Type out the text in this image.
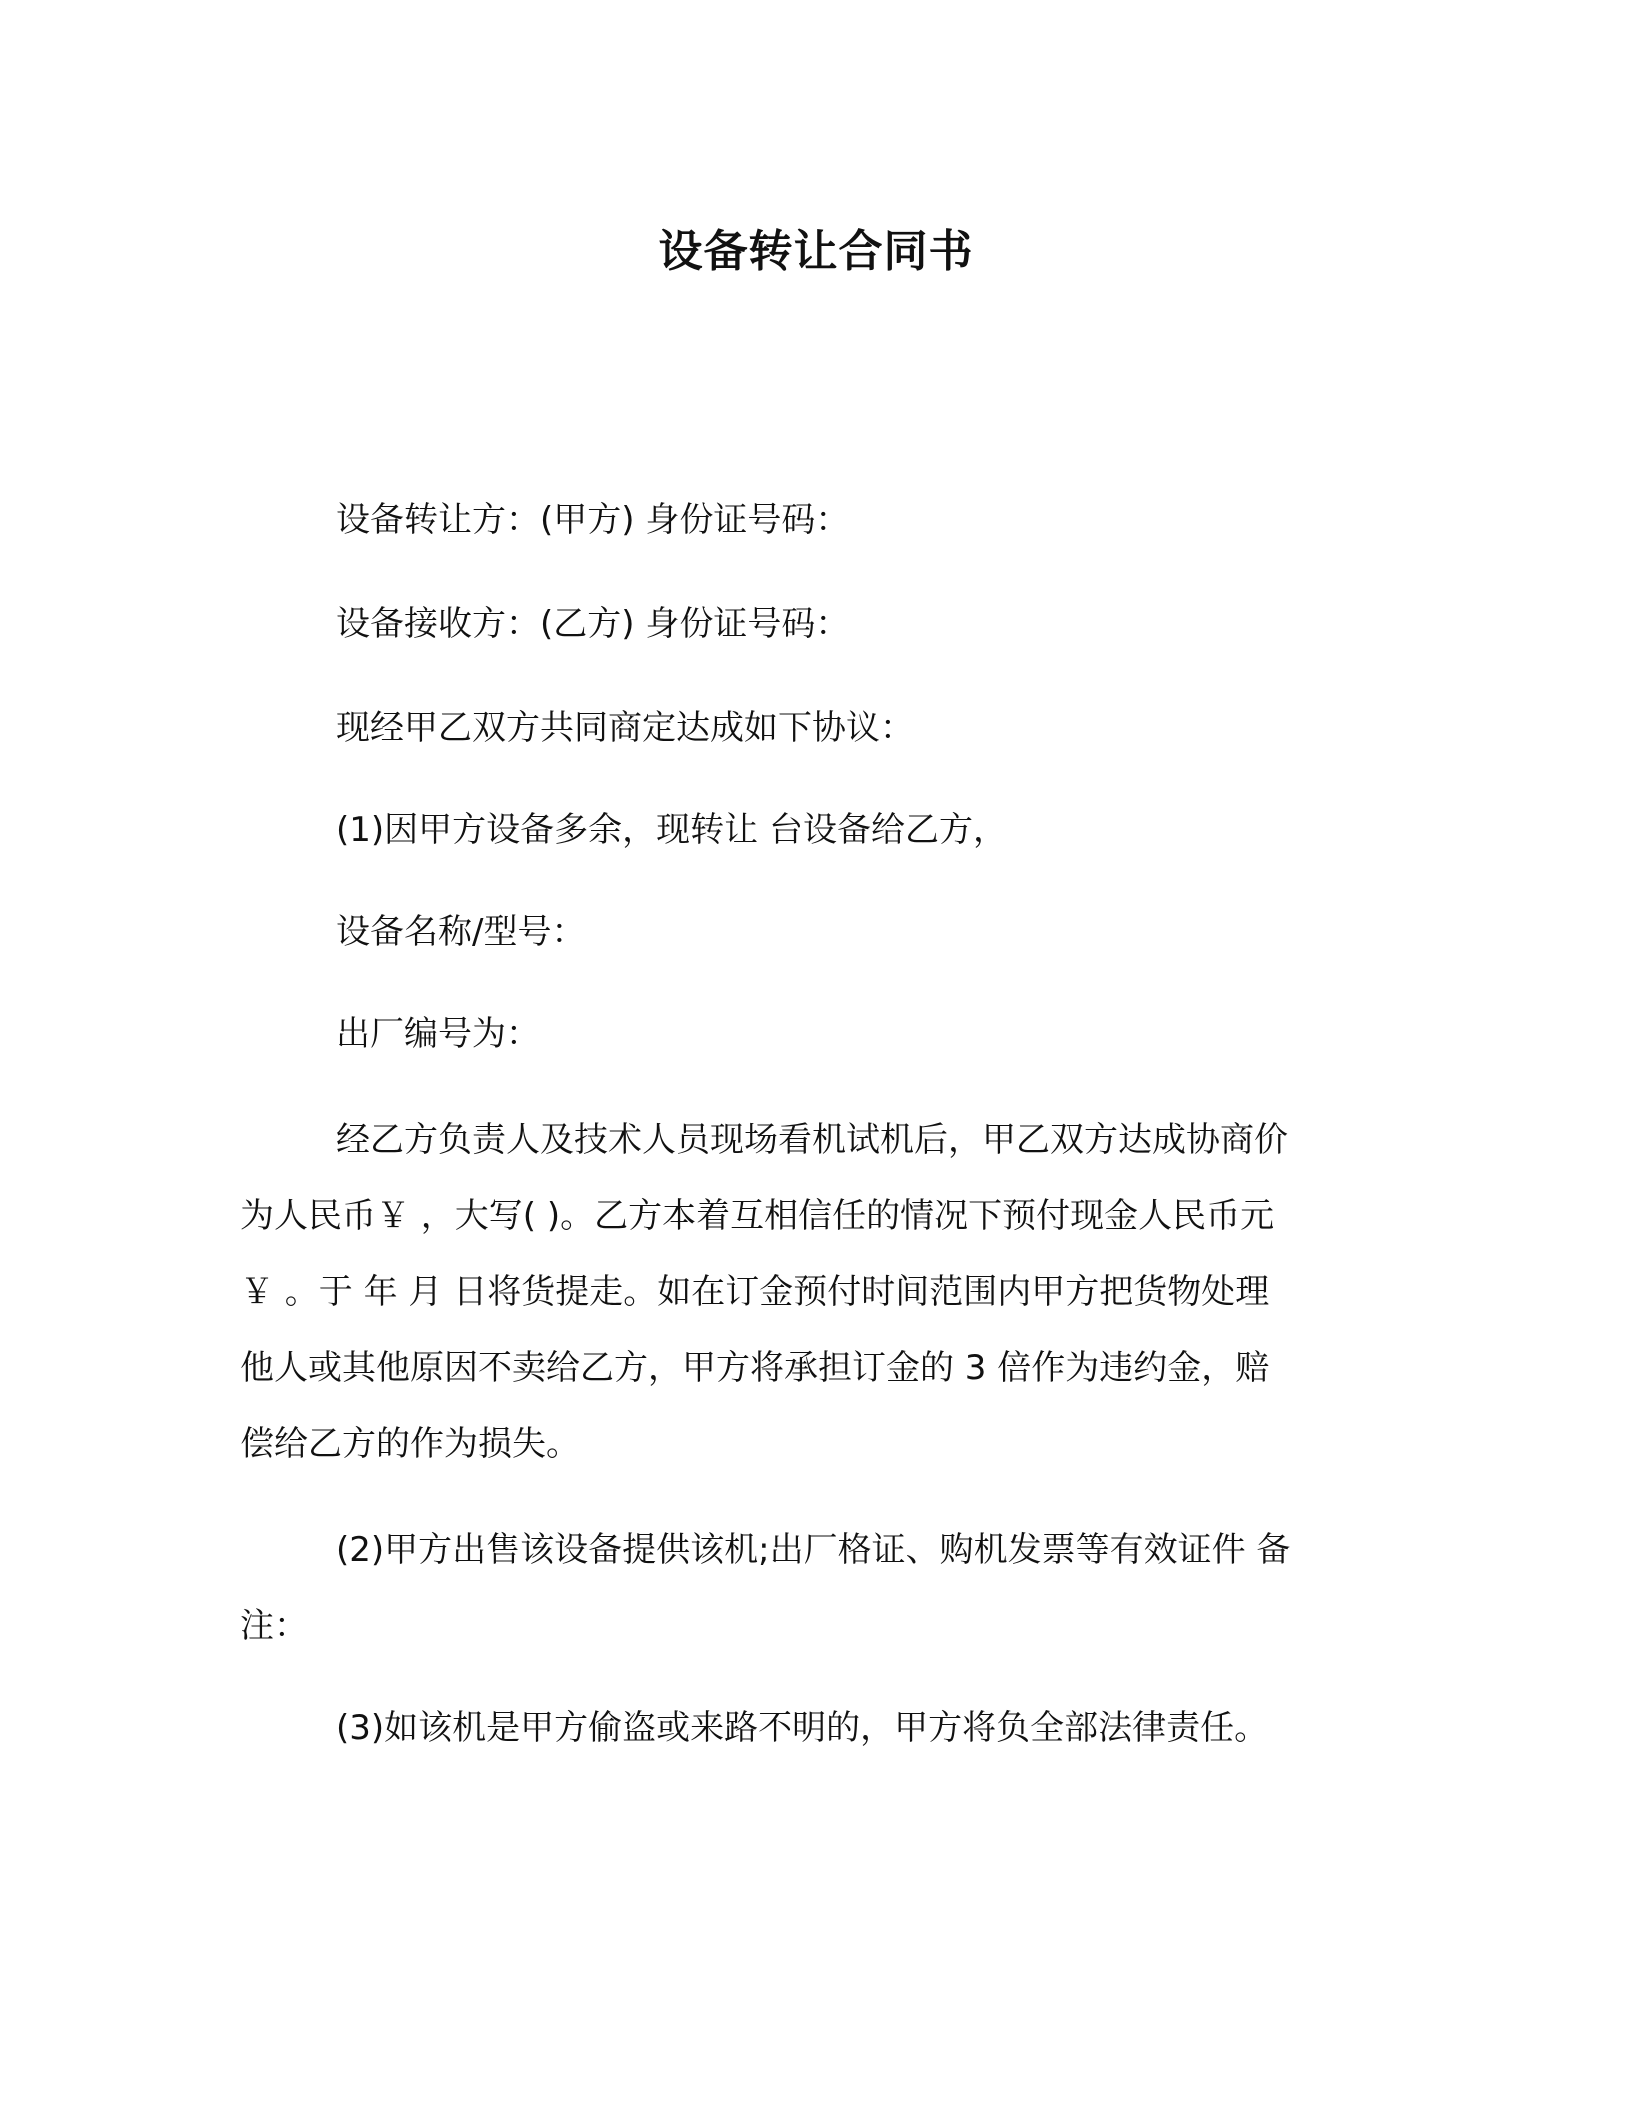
设备转让合同书
设备转让方：(甲方) 身份证号码：
设备接收方：(乙方) 身份证号码：
现经甲乙双方共同商定达成如下协议：
(1)因甲方设备多余，现转让 台设备给乙方，
设备名称/型号：
出厂编号为：
经乙方负责人及技术人员现场看机试机后，甲乙双方达成协商价
为人民币￥ ，大写( )。乙方本着互相信任的情况下预付现金人民币元
￥ 。于 年 月 日将货提走。如在订金预付时间范围内甲方把货物处理
他人或其他原因不卖给乙方，甲方将承担订金的 3 倍作为违约金，赔
偿给乙方的作为损失。
(2)甲方出售该设备提供该机;出厂格证、购机发票等有效证件 备
注：
(3)如该机是甲方偷盗或来路不明的，甲方将负全部法律责任。
